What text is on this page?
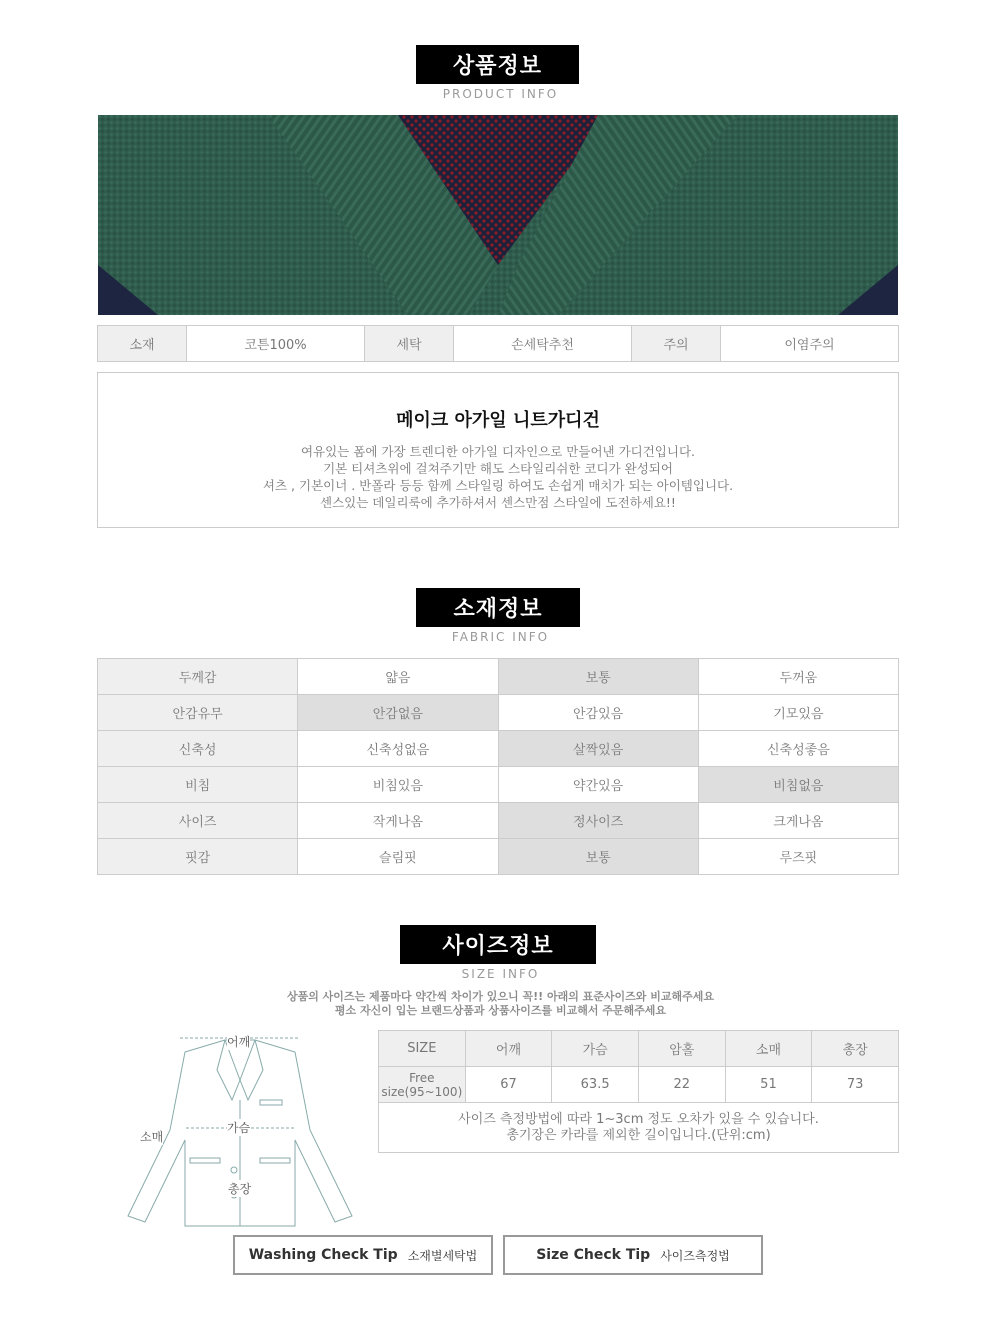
상품정보
PRODUCT INFO
소재	코튼100%	세탁	손세탁추천	주의	이염주의
메이크 아가일 니트가디건
여유있는 폼에 가장 트렌디한 아가일 디자인으로 만들어낸 가디건입니다.
기본 티셔츠위에 걸쳐주기만 해도 스타일리쉬한 코디가 완성되어
셔츠 , 기본이너 . 반폴라 등등 함께 스타일링 하여도 손쉽게 매치가 되는 아이템입니다.
센스있는 데일리룩에 추가하셔서 센스만점 스타일에 도전하세요!!
소재정보
FABRIC INFO
두께감	얇음	보통	두꺼움
안감유무	안감없음	안감있음	기모있음
신축성	신축성없음	살짝있음	신축성좋음
비침	비침있음	약간있음	비침없음
사이즈	작게나옴	정사이즈	크게나옴
핏감	슬림핏	보통	루즈핏
사이즈정보
SIZE INFO
상품의 사이즈는 제품마다 약간씩 차이가 있으니 꼭!! 아래의 표준사이즈와 비교해주세요
평소 자신이 입는 브랜드상품과 상품사이즈를 비교해서 주문해주세요
어깨
소매
가슴
총장
SIZE	어깨	가슴	암홀	소매	총장

Free
size(95~100)	67	63.5	22	51	73

사이즈 측정방법에 따라 1~3cm 정도 오차가 있을 수 있습니다.
총기장은 카라를 제외한 길이입니다.(단위:cm)					
Washing Check Tip 소재별세탁법	Size Check Tip 사이즈측정법
